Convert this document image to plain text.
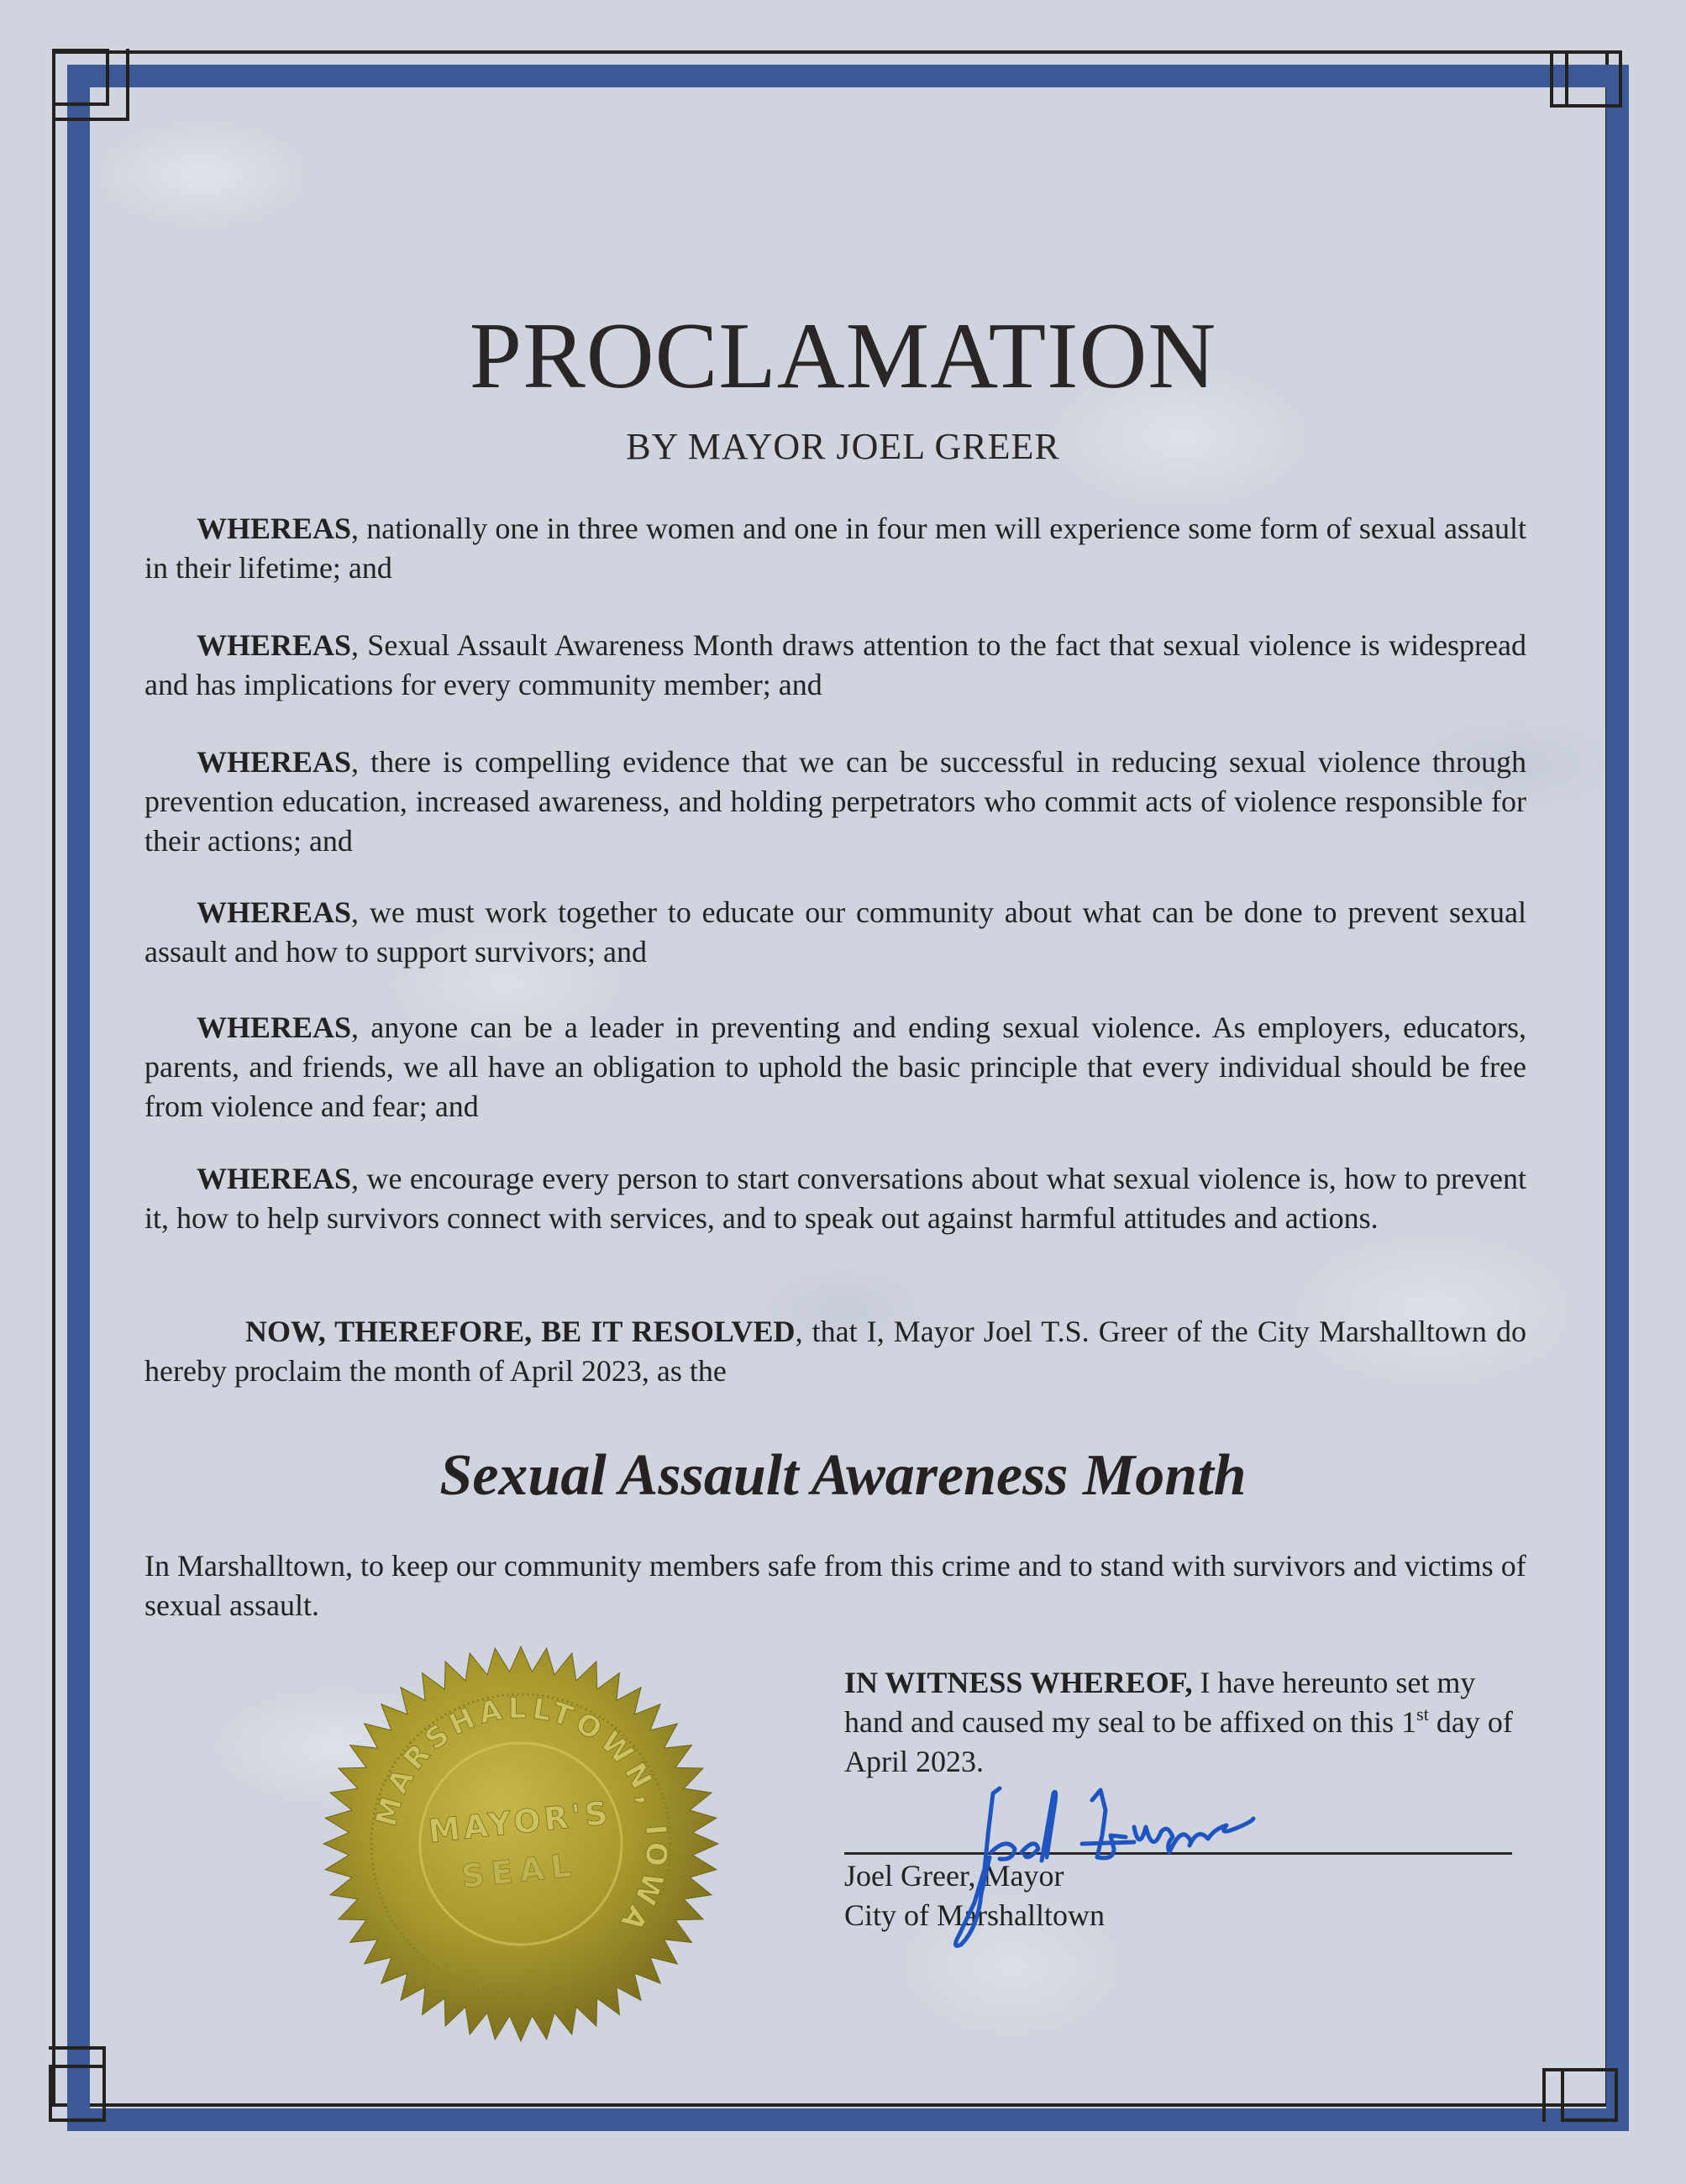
PROCLAMATION
BY MAYOR JOEL GREER

WHEREAS, nationally one in three women and one in four men will experience some form of sexual assault in their lifetime; and

WHEREAS, Sexual Assault Awareness Month draws attention to the fact that sexual violence is widespread and has implications for every community member; and

WHEREAS, there is compelling evidence that we can be successful in reducing sexual violence through prevention education, increased awareness, and holding perpetrators who commit acts of violence responsible for their actions; and

WHEREAS, we must work together to educate our community about what can be done to prevent sexual assault and how to support survivors; and

WHEREAS, anyone can be a leader in preventing and ending sexual violence. As employers, educators, parents, and friends, we all have an obligation to uphold the basic principle that every individual should be free from violence and fear; and

WHEREAS, we encourage every person to start conversations about what sexual violence is, how to prevent it, how to help survivors connect with services, and to speak out against harmful attitudes and actions.

NOW, THEREFORE, BE IT RESOLVED, that I, Mayor Joel T.S. Greer of the City Marshalltown do hereby proclaim the month of April 2023, as the

Sexual Assault Awareness Month
In Marshalltown, to keep our community members safe from this crime and to stand with survivors and victims of sexual assault.
MARSHALLTOWN, IOWA
MAYOR'S
SEAL
IN WITNESS WHEREOF, I have hereunto set my hand and caused my seal to be affixed on this 1st day of April 2023.
Joel Greer, Mayor
City of Marshalltown
